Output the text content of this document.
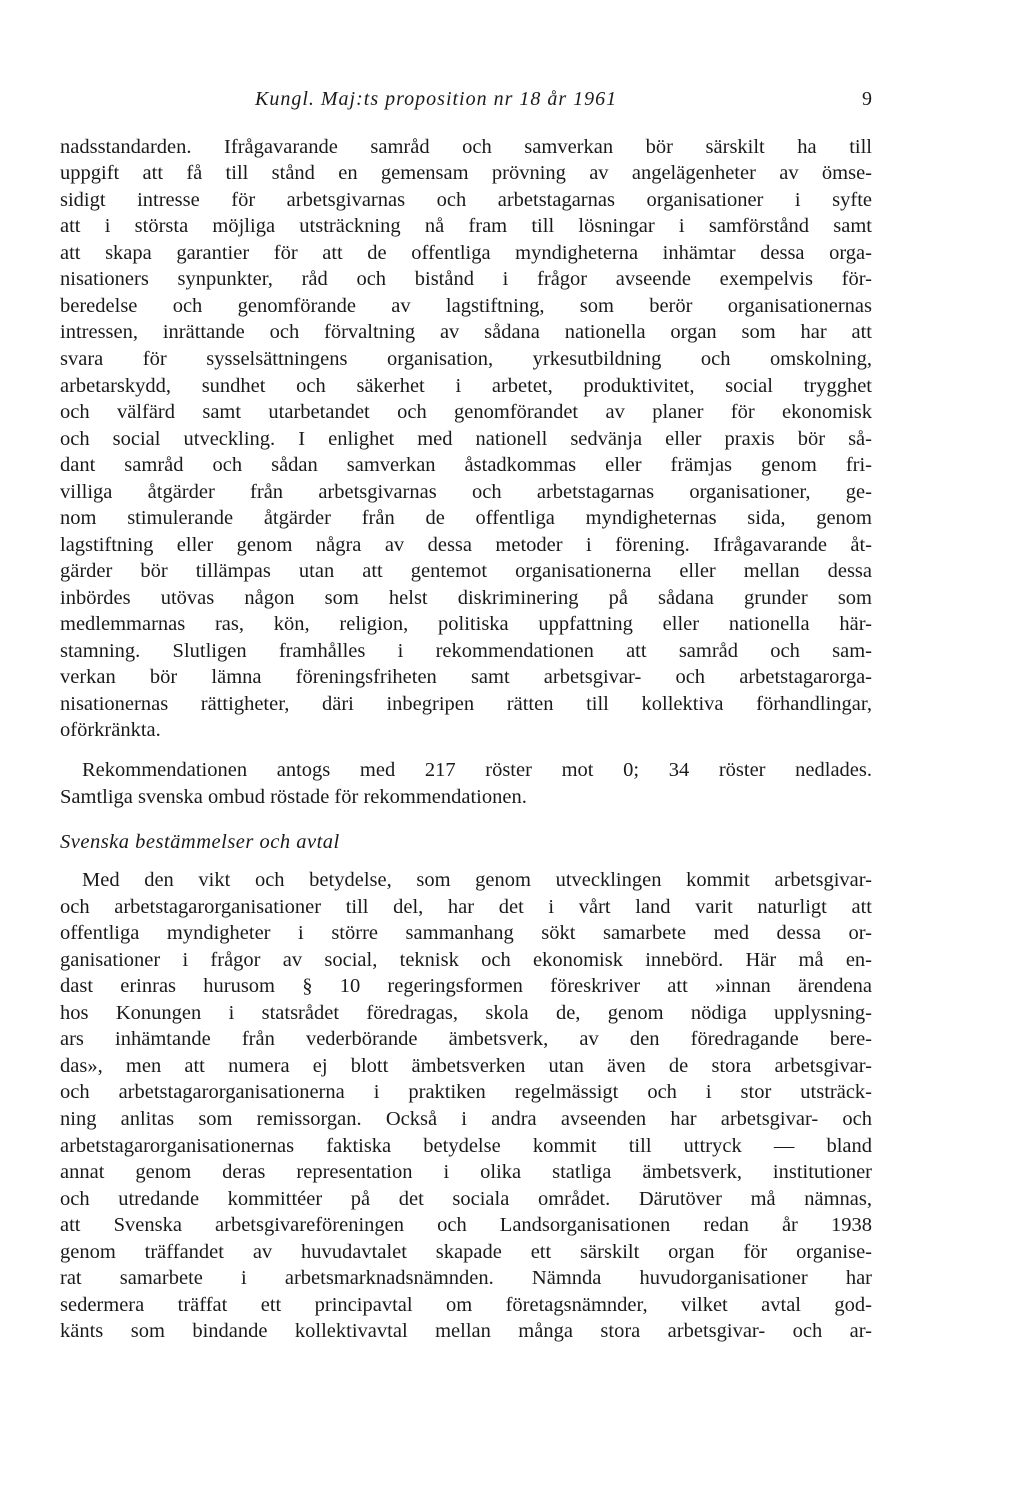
Kungl. Maj:ts proposition nr 18 år 1961	9
nadsstandarden. Ifrågavarande samråd och samverkan bör särskilt ha till
uppgift att få till stånd en gemensam prövning av angelägenheter av ömse-
sidigt intresse för arbetsgivarnas och arbetstagarnas organisationer i syfte
att i största möjliga utsträckning nå fram till lösningar i samförstånd samt
att skapa garantier för att de offentliga myndigheterna inhämtar dessa orga-
nisationers synpunkter, råd och bistånd i frågor avseende exempelvis för-
beredelse och genomförande av lagstiftning, som berör organisationernas
intressen, inrättande och förvaltning av sådana nationella organ som har att
svara för sysselsättningens organisation, yrkesutbildning och omskolning,
arbetarskydd, sundhet och säkerhet i arbetet, produktivitet, social trygghet
och välfärd samt utarbetandet och genomförandet av planer för ekonomisk
och social utveckling. I enlighet med nationell sedvänja eller praxis bör så-
dant samråd och sådan samverkan åstadkommas eller främjas genom fri-
villiga åtgärder från arbetsgivarnas och arbetstagarnas organisationer, ge-
nom stimulerande åtgärder från de offentliga myndigheternas sida, genom
lagstiftning eller genom några av dessa metoder i förening. Ifrågavarande åt-
gärder bör tillämpas utan att gentemot organisationerna eller mellan dessa
inbördes utövas någon som helst diskriminering på sådana grunder som
medlemmarnas ras, kön, religion, politiska uppfattning eller nationella här-
stamning. Slutligen framhålles i rekommendationen att samråd och sam-
verkan bör lämna föreningsfriheten samt arbetsgivar- och arbetstagarorga-
nisationernas rättigheter, däri inbegripen rätten till kollektiva förhandlingar,
oförkränkta.
Rekommendationen antogs med 217 röster mot 0; 34 röster nedlades.
Samtliga svenska ombud röstade för rekommendationen.
Svenska bestämmelser och avtal
Med den vikt och betydelse, som genom utvecklingen kommit arbetsgivar-
och arbetstagarorganisationer till del, har det i vårt land varit naturligt att
offentliga myndigheter i större sammanhang sökt samarbete med dessa or-
ganisationer i frågor av social, teknisk och ekonomisk innebörd. Här må en-
dast erinras hurusom § 10 regeringsformen föreskriver att »innan ärendena
hos Konungen i statsrådet föredragas, skola de, genom nödiga upplysning-
ars inhämtande från vederbörande ämbetsverk, av den föredragande bere-
das», men att numera ej blott ämbetsverken utan även de stora arbetsgivar-
och arbetstagarorganisationerna i praktiken regelmässigt och i stor utsträck-
ning anlitas som remissorgan. Också i andra avseenden har arbetsgivar- och
arbetstagarorganisationernas faktiska betydelse kommit till uttryck — bland
annat genom deras representation i olika statliga ämbetsverk, institutioner
och utredande kommittéer på det sociala området. Därutöver må nämnas,
att Svenska arbetsgivareföreningen och Landsorganisationen redan år 1938
genom träffandet av huvudavtalet skapade ett särskilt organ för organise-
rat samarbete i arbetsmarknadsnämnden. Nämnda huvudorganisationer har
sedermera träffat ett principavtal om företagsnämnder, vilket avtal god-
känts som bindande kollektivavtal mellan många stora arbetsgivar- och ar-
